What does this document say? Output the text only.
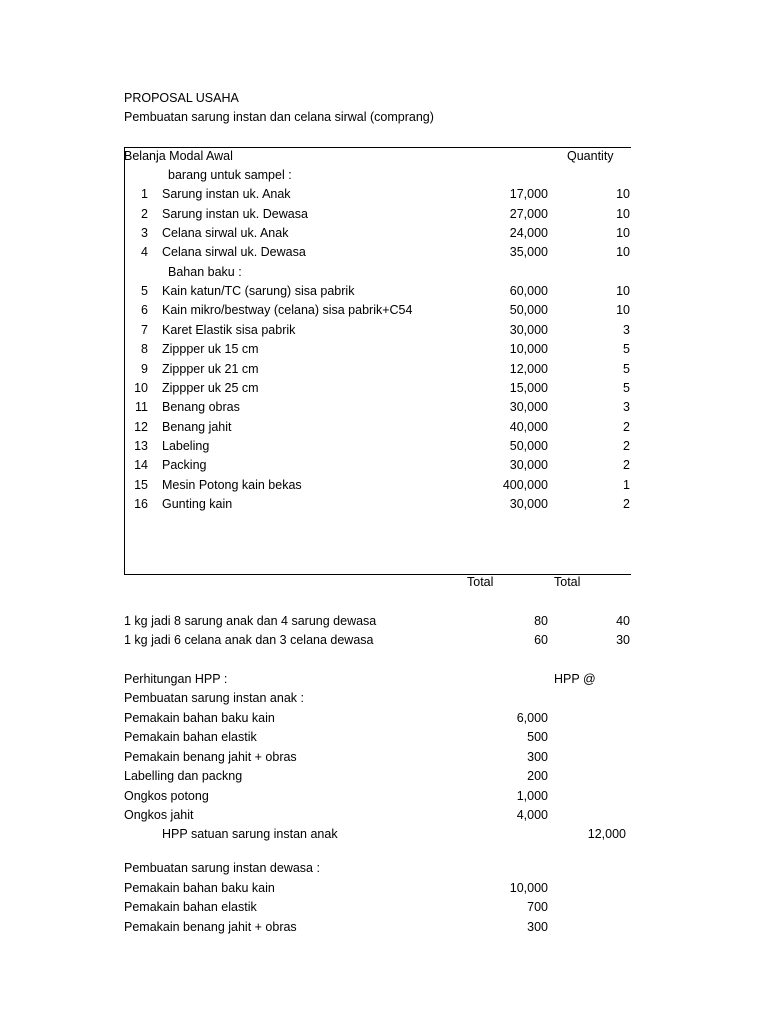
PROPOSAL USAHA
Pembuatan sarung instan dan celana sirwal (comprang)
Belanja Modal Awal	Quantity
barang untuk sampel :
1 Sarung instan uk. Anak	17,000	10
2 Sarung instan uk. Dewasa	27,000	10
3 Celana sirwal uk. Anak	24,000	10
4 Celana sirwal uk. Dewasa	35,000	10
Bahan baku :
5 Kain katun/TC (sarung) sisa pabrik	60,000	10
6 Kain mikro/bestway (celana) sisa pabrik+C54	50,000	10
7 Karet Elastik sisa pabrik	30,000	3
8 Zippper uk 15 cm	10,000	5
9 Zippper uk 21 cm	12,000	5
10 Zippper uk 25 cm	15,000	5
11 Benang obras	30,000	3
12 Benang jahit	40,000	2
13 Labeling	50,000	2
14 Packing	30,000	2
15 Mesin Potong kain bekas	400,000	1
16 Gunting kain	30,000	2
Total	Total
1 kg jadi 8 sarung anak dan 4 sarung dewasa	80	40
1 kg jadi 6 celana anak dan 3 celana dewasa	60	30
Perhitungan HPP :	HPP @
Pembuatan sarung instan anak :
Pemakain bahan baku kain	6,000
Pemakain bahan elastik	500
Pemakain benang jahit + obras	300
Labelling dan packng	200
Ongkos potong	1,000
Ongkos jahit	4,000
HPP satuan sarung instan anak	12,000
Pembuatan sarung instan dewasa :
Pemakain bahan baku kain	10,000
Pemakain bahan elastik	700
Pemakain benang jahit + obras	300
